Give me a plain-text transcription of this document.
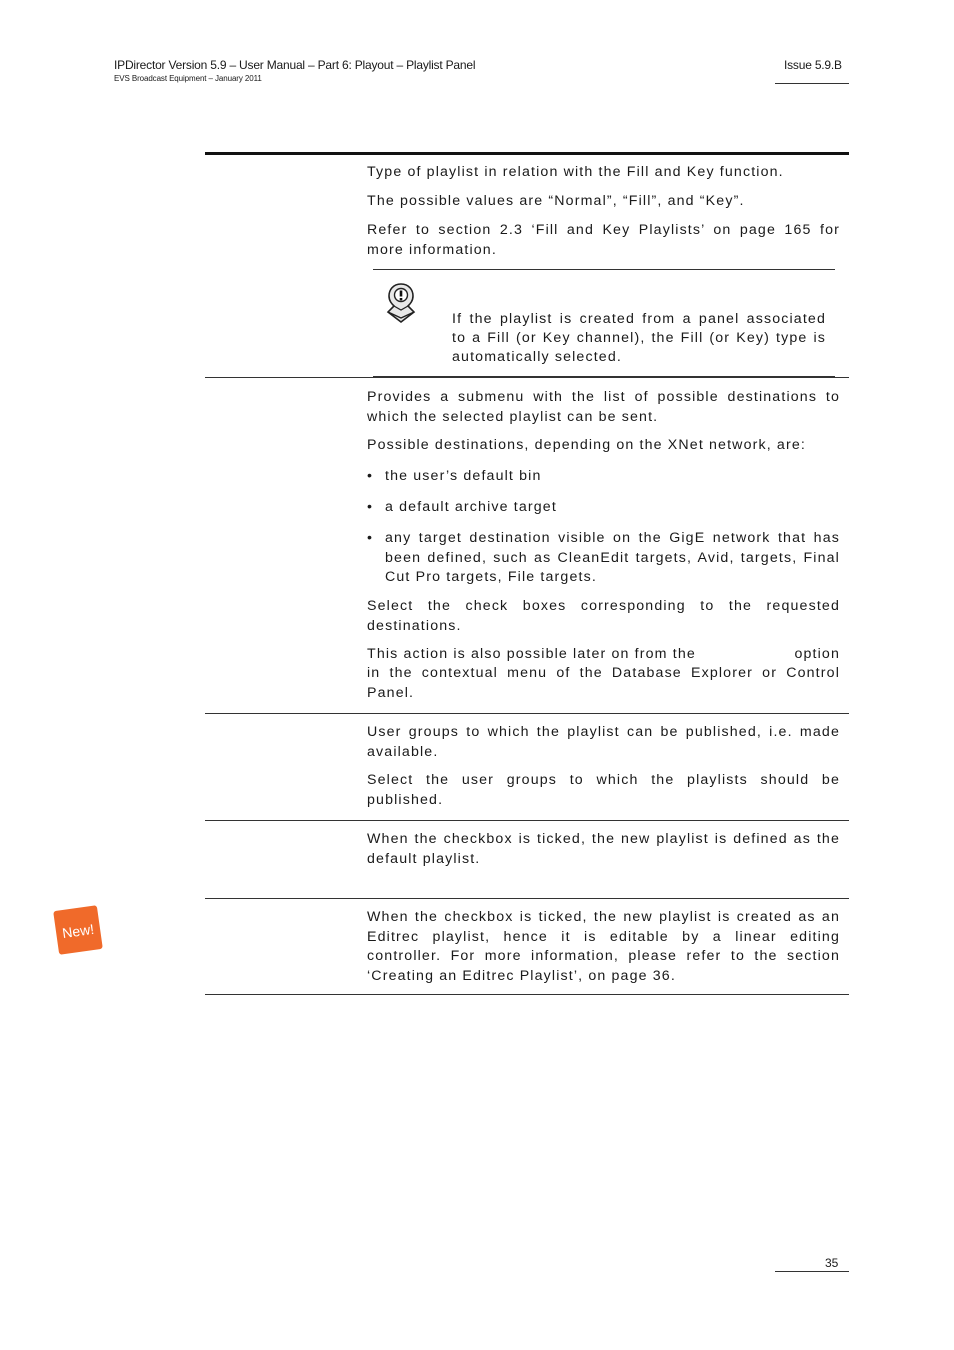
IPDirector Version 5.9 – User Manual – Part 6: Playout – Playlist Panel
EVS Broadcast Equipment – January 2011
Issue 5.9.B

Type of playlist in relation with the Fill and Key function.

The possible values are “Normal”, “Fill”, and “Key”.

Refer to section 2.3 ‘Fill and Key Playlists’ on page 165 for more information.

If the playlist is created from a panel associated to a Fill (or Key channel), the Fill (or Key) type is automatically selected.

Provides a submenu with the list of possible destinations to which the selected playlist can be sent.

Possible destinations, depending on the XNet network, are:

• the user’s default bin
• a default archive target
• any target destination visible on the GigE network that has been defined, such as CleanEdit targets, Avid, targets, Final Cut Pro targets, File targets.

Select the check boxes corresponding to the requested destinations.

This action is also possible later on from the	option

in the contextual menu of the Database Explorer or Control Panel.

User groups to which the playlist can be published, i.e. made available.

Select the user groups to which the playlists should be published.

When the checkbox is ticked, the new playlist is defined as the default playlist.

New!

When the checkbox is ticked, the new playlist is created as an Editrec playlist, hence it is editable by a linear editing controller. For more information, please refer to the section ‘Creating an Editrec Playlist’, on page 36.

35
